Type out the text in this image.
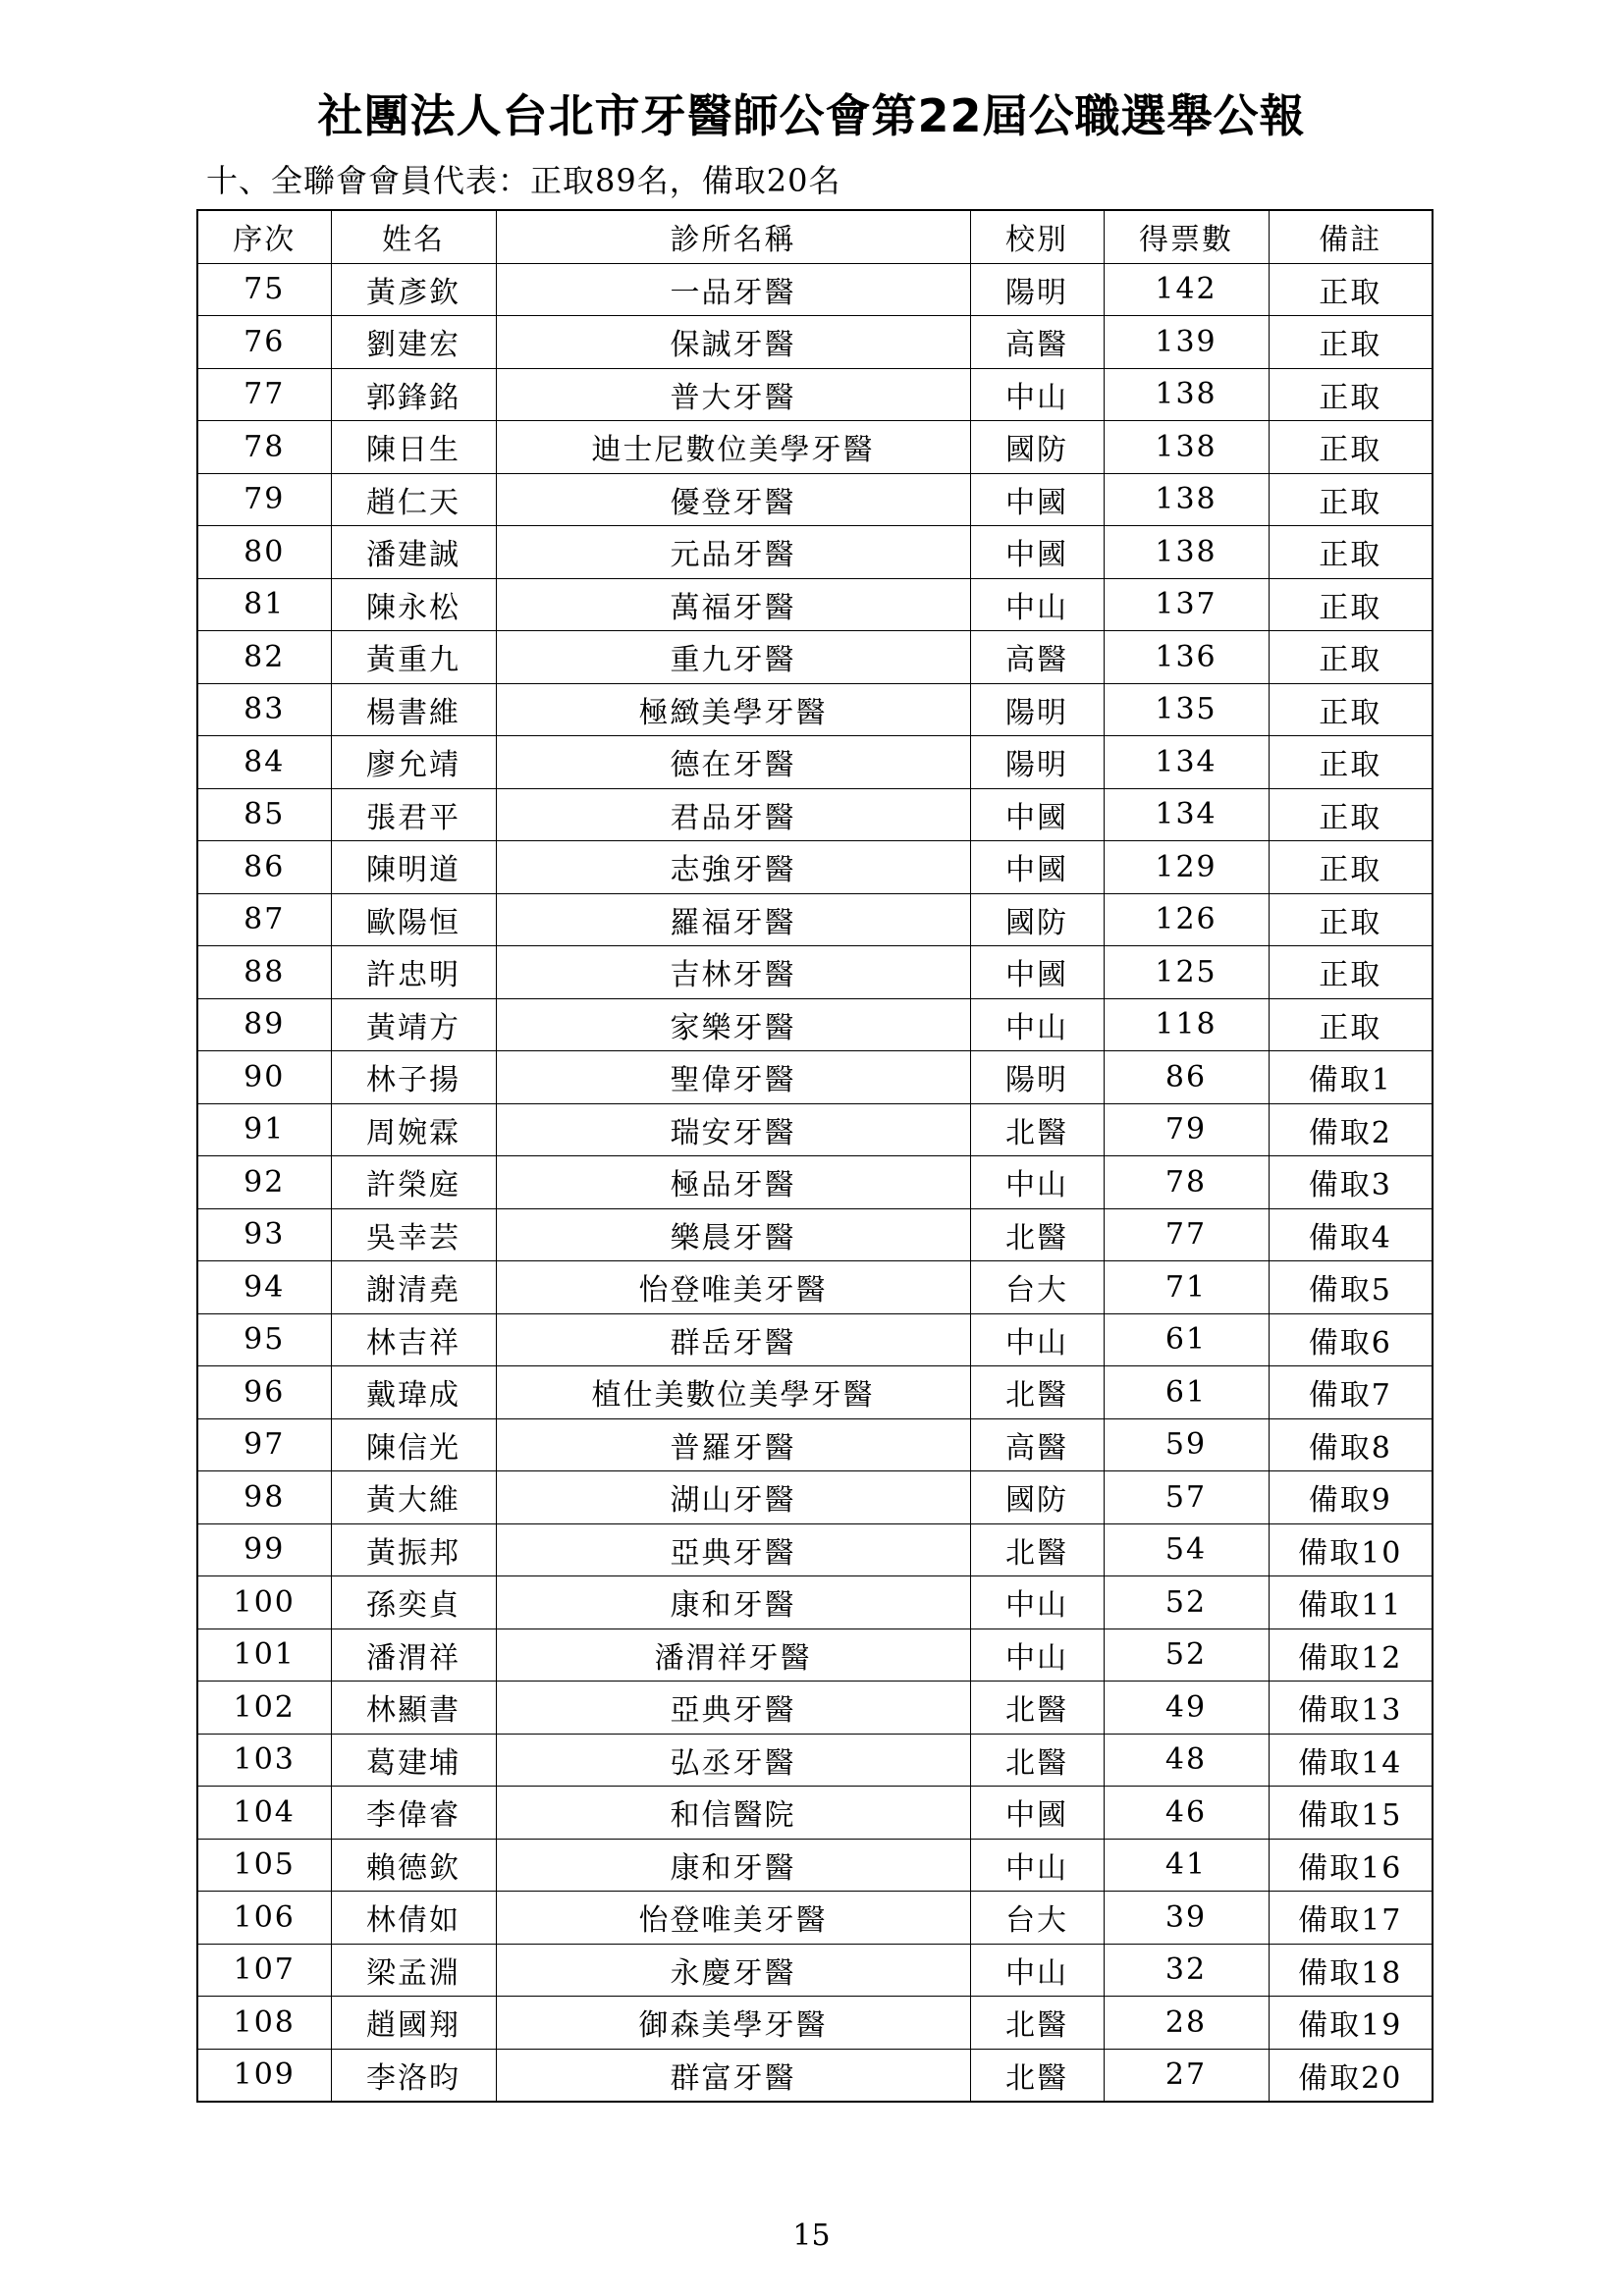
社團法人台北市牙醫師公會第22屆公職選舉公報
十、全聯會會員代表：正取89名，備取20名
序次	姓名	診所名稱	校別	得票數	備註
75	黃彥欽	一品牙醫	陽明	142	正取
76	劉建宏	保誠牙醫	高醫	139	正取
77	郭鋒銘	普大牙醫	中山	138	正取
78	陳日生	迪士尼數位美學牙醫	國防	138	正取
79	趙仁天	優登牙醫	中國	138	正取
80	潘建誠	元品牙醫	中國	138	正取
81	陳永松	萬福牙醫	中山	137	正取
82	黃重九	重九牙醫	高醫	136	正取
83	楊書維	極緻美學牙醫	陽明	135	正取
84	廖允靖	德在牙醫	陽明	134	正取
85	張君平	君品牙醫	中國	134	正取
86	陳明道	志強牙醫	中國	129	正取
87	歐陽恒	羅福牙醫	國防	126	正取
88	許忠明	吉林牙醫	中國	125	正取
89	黃靖方	家樂牙醫	中山	118	正取
90	林子揚	聖偉牙醫	陽明	86	備取1
91	周婉霖	瑞安牙醫	北醫	79	備取2
92	許榮庭	極品牙醫	中山	78	備取3
93	吳幸芸	樂晨牙醫	北醫	77	備取4
94	謝清堯	怡登唯美牙醫	台大	71	備取5
95	林吉祥	群岳牙醫	中山	61	備取6
96	戴瑋成	植仕美數位美學牙醫	北醫	61	備取7
97	陳信光	普羅牙醫	高醫	59	備取8
98	黃大維	湖山牙醫	國防	57	備取9
99	黃振邦	亞典牙醫	北醫	54	備取10
100	孫奕貞	康和牙醫	中山	52	備取11
101	潘渭祥	潘渭祥牙醫	中山	52	備取12
102	林顯書	亞典牙醫	北醫	49	備取13
103	葛建埔	弘丞牙醫	北醫	48	備取14
104	李偉睿	和信醫院	中國	46	備取15
105	賴德欽	康和牙醫	中山	41	備取16
106	林倩如	怡登唯美牙醫	台大	39	備取17
107	梁孟淵	永慶牙醫	中山	32	備取18
108	趙國翔	御森美學牙醫	北醫	28	備取19
109	李洛昀	群富牙醫	北醫	27	備取20
15
